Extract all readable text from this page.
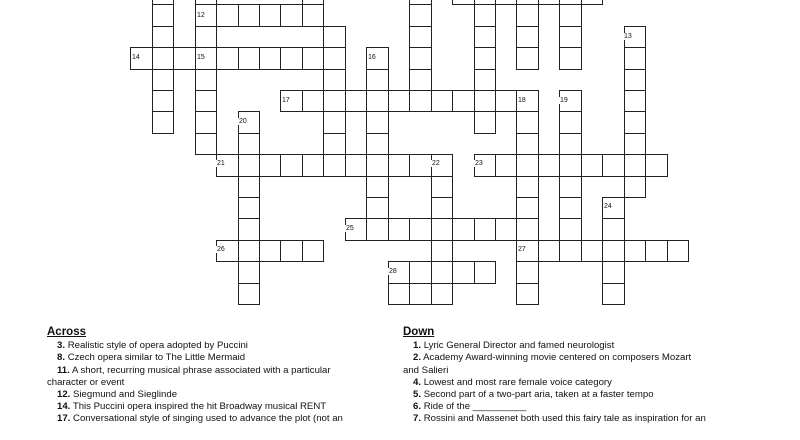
12
13
14	15	16
17	18	19
20
21	22	23
24
25
26	27
28
Across
3. Realistic style of opera adopted by Puccini
8. Czech opera similar to The Little Mermaid
11. A short, recurring musical phrase associated with a particular
character or event
12. Siegmund and Sieglinde
14. This Puccini opera inspired the hit Broadway musical RENT
17. Conversational style of singing used to advance the plot (not an
Down
1. Lyric General Director and famed neurologist
2. Academy Award-winning movie centered on composers Mozart
and Salieri
4. Lowest and most rare female voice category
5. Second part of a two-part aria, taken at a faster tempo
6. Ride of the __________
7. Rossini and Massenet both used this fairy tale as inspiration for an
